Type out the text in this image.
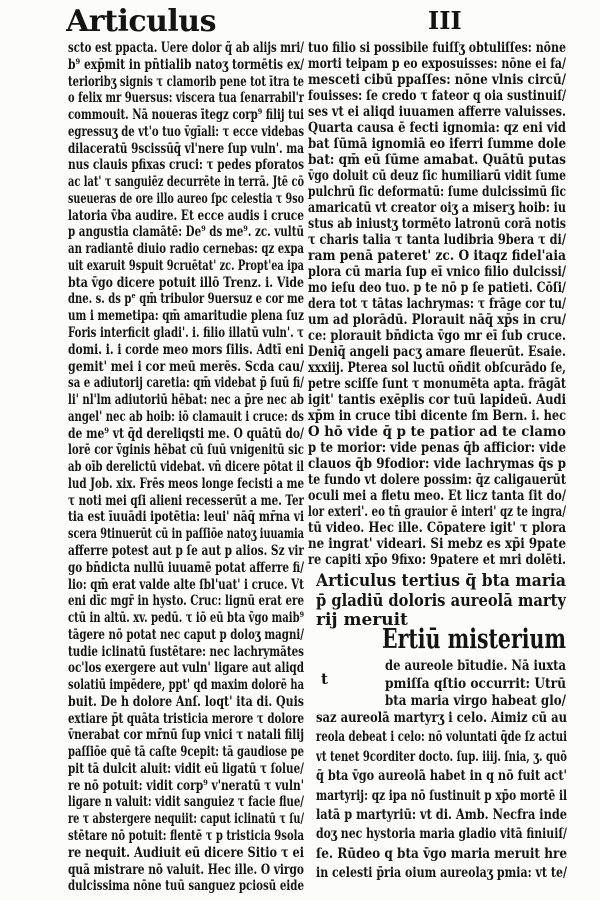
Articulus	III
scto est ppacta. Uere dolor q̄ ab alijs mri/
b⁹ exp̄mit in pn̄tialib natoʒ tormētis ex/
terioribʒ signis τ clamorib pene tot ītra te
o felix mr 9uersus: viscera tua ſenarrabil'r
commouit. Nā noueras ītegz corp⁹ filij tui
egressuʒ de vt'o tuo v̄gīali: τ ecce videbas
dilaceratū 9scissūq̄ vl'nere ſup vuln'. ma
nus clauis pfixas cruci: τ pedes pforatos
ac lat' τ sanguiēz decurrēte in terrā. Jtē cō
sueueras de ore illo aureo ſpc celestia τ 9so
latoria v̄ba audire. Et ecce audis i cruce
p angustia clamātē: De⁹ ds me⁹. zc. vultū
an radiantē diuio radio cernebas: qz expa
uit exaruit 9spuit 9cruētat' zc. Propt'ea ipa
bta v̄go dicere potuit illō Trenz. i. Vide
dne. s. ds pᵉ qm̄ tribulor 9uersuz e cor me
um i memetipa: qm̄ amaritudie plena ſuz
Foris interficit gladi'. i. filio illatū vuln'. τ
domi. i. i corde meo mors ſilis. Adtī eni
gemit' mei i cor meū merēs. Scda cau/
sa e adiutorij caretia: qm̄ videbat p̄ ſuū fi/
li' nl'lm adiutoriū hēbat: nec a p̄re nec ab
angel' nec ab hoib: iō clamauit i cruce: ds
de me⁹ vt q̄d dereliqsti me. O quātū do/
lorē cor v̄ginis hēbat cū ſuū vnigenitū sic
ab oīb derelictū videbat. vn̄ dicere pōtat il
lud Job. xix. Frēs meos longe fecisti a me
τ noti mei qſi alieni recesserūt a me. Ter
tia est īuuādi ipotētia: leui' nāq̄ mr̄na vi
scera 9tinuerūt cū in paſſiōe natoʒ iuuamia
afferre potest aut p ſe aut p alios. Sz vir
go bn̄dicta nullū iuuamē potat afferre fi/
lio: qm̄ erat valde alte ſbl'uat' i cruce. Vt
eni dīc mgr̄ in hysto. Cruc: lignū erat ere
ctū in altū. xv. pedū. τ iō eū bta v̄go maib⁹
tāgere nō potat nec caput p doloʒ magni/
tudie iclinatū ſustētare: nec lachrymātes
oc'los exergere aut vuln' ligare aut aliqd
solatiū impēdere, ppt' qd maxim dolorē ha
buit. De h dolore Anſ. loqt' ita di. Quis
extiare p̄t quāta tristicia merore τ dolore
v̄nerabat cor mr̄nū ſup vnici τ natali filij
paſſiōe quē tā caſte 9cepit: tā gaudiose pe
pit tā dulcit aluit: vidit eū ligatū τ ſolue/
re nō potuit: vidit corp⁹ v'neratū τ vuln'
ligare n valuit: vidit sanguiez τ facie flue/
re τ abstergere nequiit: caput iclinatū τ ſu/
stētare nō potuit: flentē τ p tristicia 9sola
re nequit. Audiuit eū dicere Sitio τ ei
quā mistrare nō valuit. Hec ille. O virgo
dulcissima nōne tuū sanguez pciosū eide
tuo filio si possibile fuiſſʒ obtuliſſes: nōne
morti teipam p eo exposuisses: nōne ei fa/
mesceti cibū ppaſſes: nōne vlnis circū/
fouisses: ſe credo τ fateor q oia sustinuiſ/
ses vt ei aliqd iuuamen afferre valuisses.
Quarta causa ē fecti ignomia: qz eni vid
bat ſūmā ignomiā eo iferri ſumme dole
bat: qm̄ eū ſūme amabat. Quātū putas
v̄go doluit cū deuz ſic humiliarū vidit ſume
pulchrū ſic deformatū: ſume dulcissimū ſic
amaricatū vt creator oiʒ a miserʒ hoib: iu
stus ab iniustʒ tormēto latronū corā notis
τ charis talia τ tanta ludibria 9bera τ di/
ram penā pateret' zc. O itaqz fidel'aia
plora cū maria ſup eī vnico filio dulcissi/
mo ieſu deo tuo. p te nō p ſe patieti. Cōſi/
dera tot τ tātas lachrymas: τ frāge cor tu/
um ad plorādū. Plorauit nāq̄ xp̄s in cru/
ce: plorauit bn̄dicta v̄go mr eī ſub cruce.
Deniq̄ angeli pacʒ amare fleuerūt. Esaie.
xxxiij. Pterea sol luctū oñdit obſcurādo ſe,
petre sciſſe ſunt τ monumēta apta. frāgāt
igit' tantis exēplis cor tuū lapideū. Audi
xp̄m in cruce tibi dicente ſm Bern. i. hec
O hō vide q̄ p te patior ad te clamo
p te morior: vide penas q̄b afficior: vide
clauos q̄b 9fodior: vide lachrymas q̄s p
te fundo vt dolere possim: q̄z caligauerūt
oculi mei a fletu meo. Et licz tanta ſit do/
lor exteri'. eo tn̄ grauior ē interi' qz te ingra/
tū video. Hec ille. Cōpatere igit' τ plora
ne ingrat' videari. Si mebz es xp̄i 9pate
re capiti xp̄o 9fixo: 9patere et mri dolēti.
Articulus tertius q̄ bta maria
p̄ gladiū doloris aureolā marty
rij meruit
Ertiū misterium
t
de aureole bītudie. Nā iuxta
pmiſſa qſtio occurrit: Utrū
bta maria virgo habeat glo/
saz aureolā martyrʒ i celo. Aimiz cū au
reola debeat i celo: nō voluntati q̄de ſz actui
vt tenet 9corditer docto. ſup. iiij. ſnia, ʒ. quō
q̄ bta v̄go aureolā habet in q nō fuit act'
martyrij: qz ipa nō ſustinuit p xp̄o mortē il
latā p martyriū: vt di. Amb. Necfra inde
doʒ nec hystoria maria gladio vitā finiuiſ/
ſe. Rūdeo q bta v̄go maria meruit hre
in celesti p̄ria oium aureolaʒ pmia: vt te/
